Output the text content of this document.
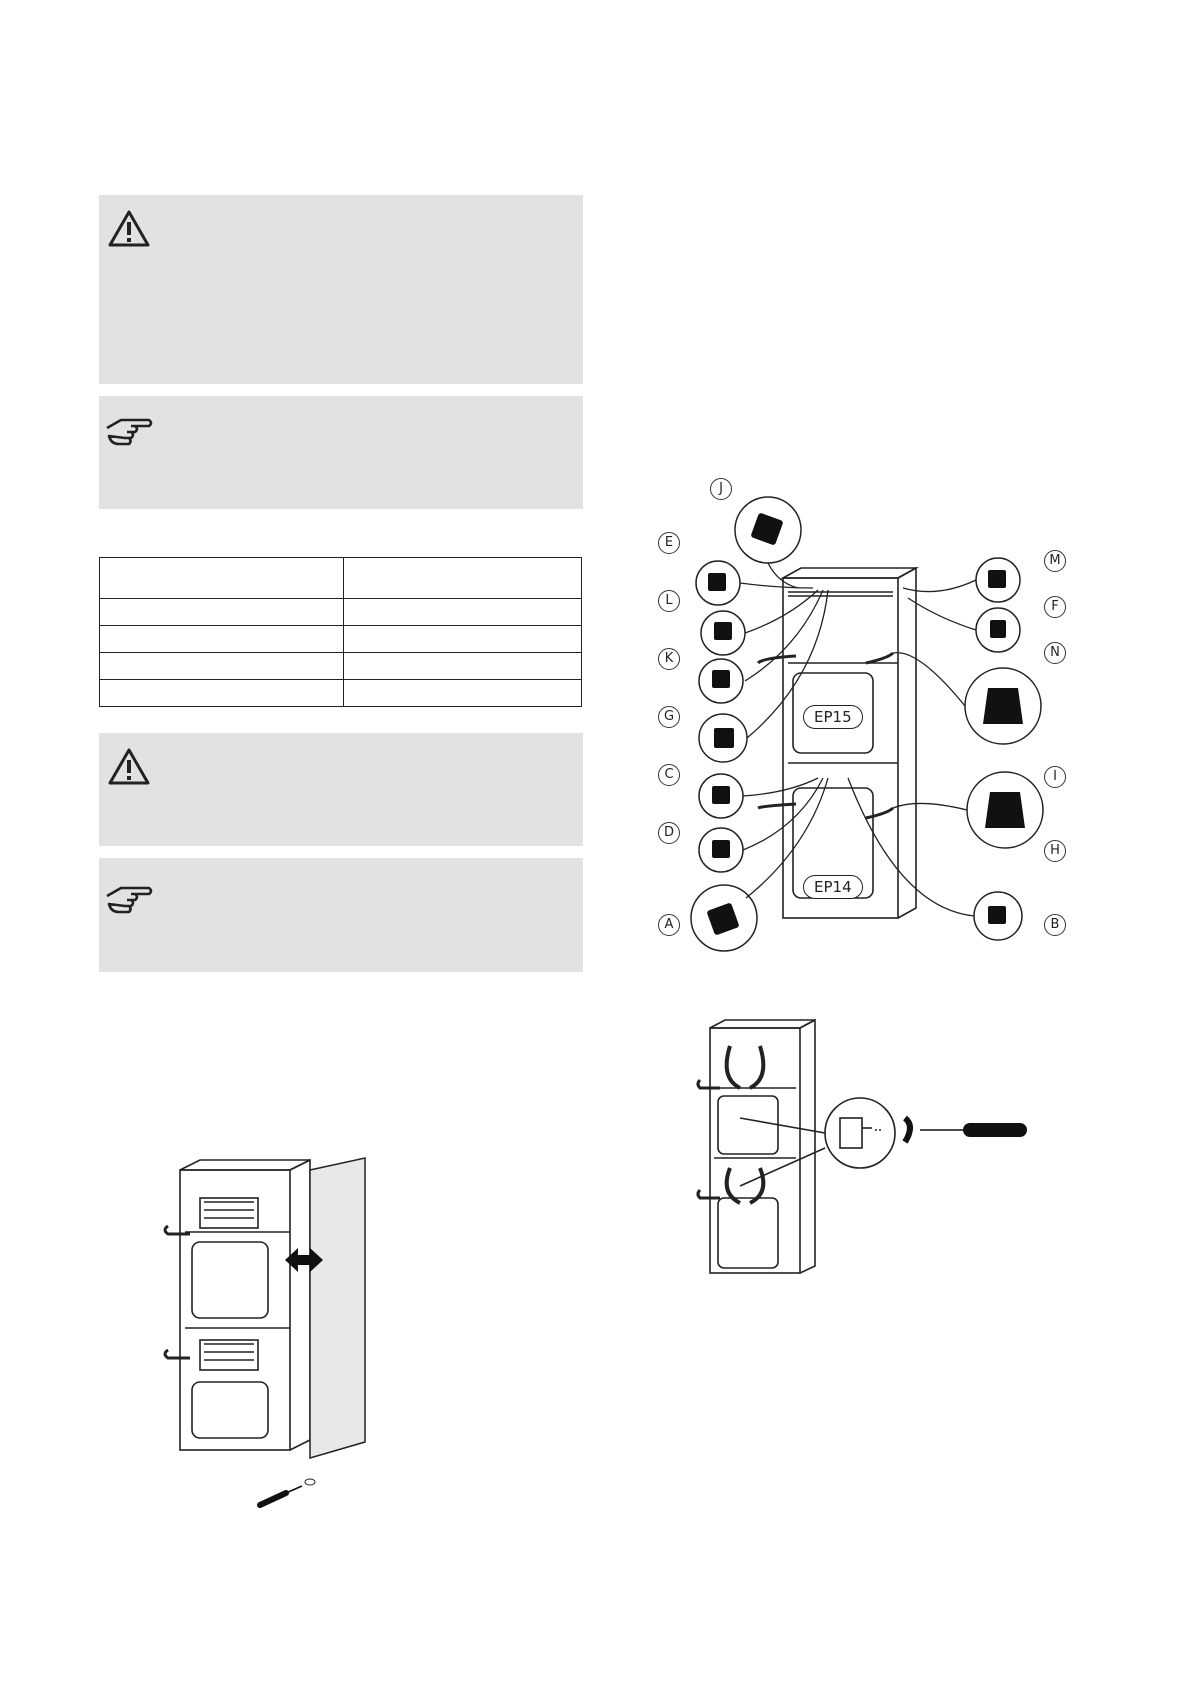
J
E
L
K
G
C
D
A
M
F
N
I
H
B
EP15
EP14
